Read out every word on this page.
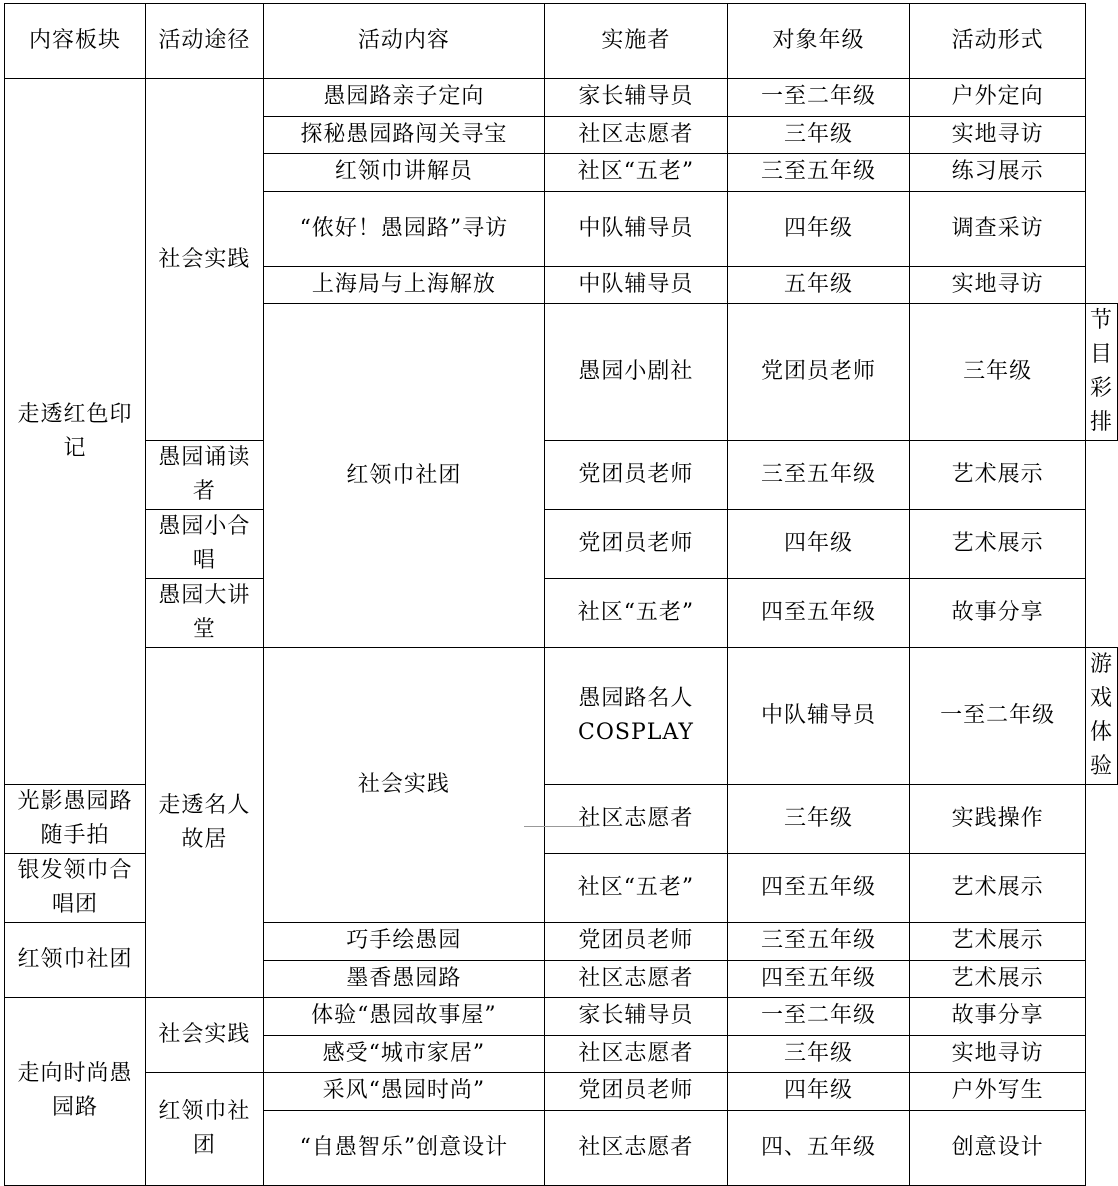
内容板块	活动途径	活动内容	实施者	对象年级	活动形式	
走透红色印记	社会实践	愚园路亲子定向	家长辅导员	一至二年级	户外定向	
		探秘愚园路闯关寻宝	社区志愿者	三年级	实地寻访	
		红领巾讲解员	社区“五老”	三至五年级	练习展示	
		“侬好！愚园路”寻访	中队辅导员	四年级	调查采访	
		上海局与上海解放	中队辅导员	五年级	实地寻访	
		红领巾社团	愚园小剧社	党团员老师	三年级	节目彩排
	愚园诵读者		党团员老师	三至五年级	艺术展示	
	愚园小合唱		党团员老师	四年级	艺术展示	
	愚园大讲堂		社区“五老”	四至五年级	故事分享	
	走透名人故居	社会实践	愚园路名人 COSPLAY	中队辅导员	一至二年级	游戏体验
光影愚园路随手拍			社区志愿者	三年级	实践操作	
银发领巾合唱团			社区“五老”	四至五年级	艺术展示	
红领巾社团		巧手绘愚园	党团员老师	三至五年级	艺术展示	
		墨香愚园路	社区志愿者	四至五年级	艺术展示	
走向时尚愚园路	社会实践	体验“愚园故事屋”	家长辅导员	一至二年级	故事分享	
		感受“城市家居”	社区志愿者	三年级	实地寻访	
	红领巾社团	采风“愚园时尚”	党团员老师	四年级	户外写生	
		“自愚智乐”创意设计	社区志愿者	四、五年级	创意设计	
